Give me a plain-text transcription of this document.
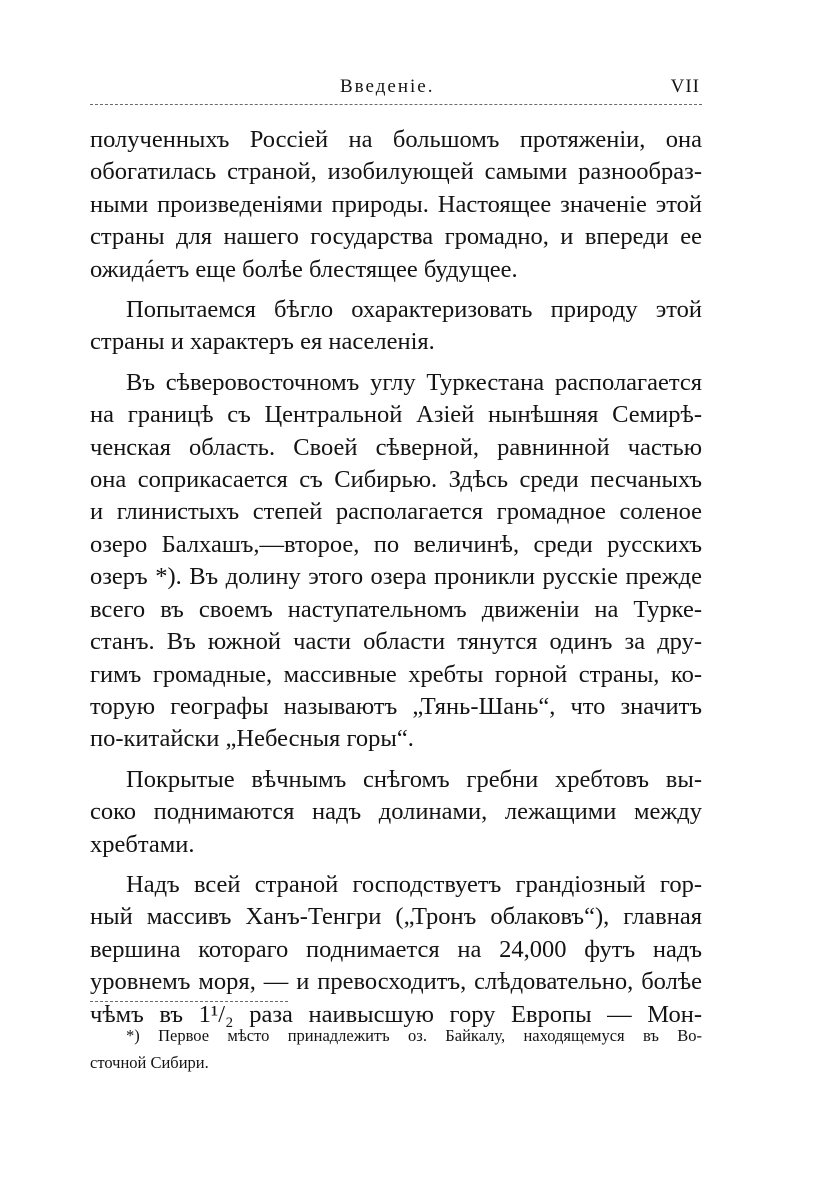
Введенiе.	VII
полученныхъ Россiей на большомъ протяженiи, она
обогатилась страной, изобилующей самыми разнообраз-
ными произведенiями природы. Настоящее значенiе этой
страны для нашего государства громадно, и впереди ее
ожидáетъ еще болѣе блестящее будущее.
Попытаемся бѣгло охарактеризовать природу этой
страны и характеръ ея населенiя.
Въ сѣверовосточномъ углу Туркестана располагается
на границѣ съ Центральной Азiей нынѣшняя Семирѣ-
ченская область. Своей сѣверной, равнинной частью
она соприкасается съ Сибирью. Здѣсь среди песчаныхъ
и глинистыхъ степей располагается громадное соленое
озеро Балхашъ,—второе, по величинѣ, среди русскихъ
озеръ *). Въ долину этого озера проникли русскiе прежде
всего въ своемъ наступательномъ движенiи на Турке-
станъ. Въ южной части области тянутся одинъ за дру-
гимъ громадные, массивные хребты горной страны, ко-
торую географы называютъ „Тянь-Шань“, что значитъ
по-китайски „Небесныя горы“.
Покрытые вѣчнымъ снѣгомъ гребни хребтовъ вы-
соко поднимаются надъ долинами, лежащими между
хребтами.
Надъ всей страной господствуетъ грандiозный гор-
ный массивъ Ханъ-Тенгри („Тронъ облаковъ“), главная
вершина котораго поднимается на 24,000 футъ надъ
уровнемъ моря, — и превосходитъ, слѣдовательно, болѣе
чѣмъ въ 1¹/₂ раза наивысшую гору Европы — Мон-
*) Первое мѣсто принадлежитъ оз. Байкалу, находящемуся въ Во-
сточной Сибири.
